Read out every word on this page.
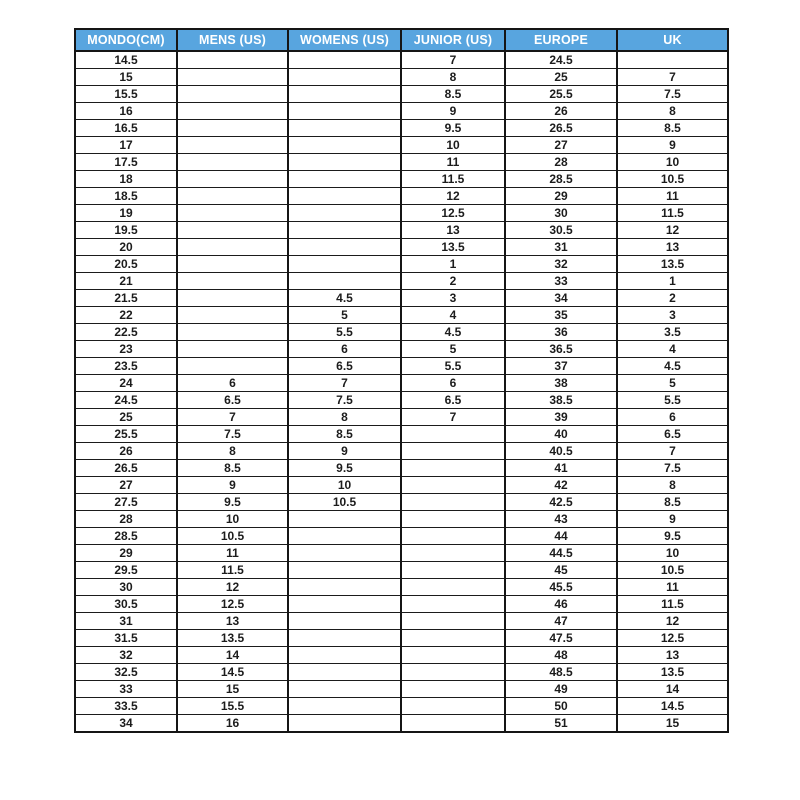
MONDO(CM)	MENS (US)	WOMENS (US)	JUNIOR (US)	EUROPE	UK
14.5			7	24.5	
15			8	25	7
15.5			8.5	25.5	7.5
16			9	26	8
16.5			9.5	26.5	8.5
17			10	27	9
17.5			11	28	10
18			11.5	28.5	10.5
18.5			12	29	11
19			12.5	30	11.5
19.5			13	30.5	12
20			13.5	31	13
20.5			1	32	13.5
21			2	33	1
21.5		4.5	3	34	2
22		5	4	35	3
22.5		5.5	4.5	36	3.5
23		6	5	36.5	4
23.5		6.5	5.5	37	4.5
24	6	7	6	38	5
24.5	6.5	7.5	6.5	38.5	5.5
25	7	8	7	39	6
25.5	7.5	8.5		40	6.5
26	8	9		40.5	7
26.5	8.5	9.5		41	7.5
27	9	10		42	8
27.5	9.5	10.5		42.5	8.5
28	10			43	9
28.5	10.5			44	9.5
29	11			44.5	10
29.5	11.5			45	10.5
30	12			45.5	11
30.5	12.5			46	11.5
31	13			47	12
31.5	13.5			47.5	12.5
32	14			48	13
32.5	14.5			48.5	13.5
33	15			49	14
33.5	15.5			50	14.5
34	16			51	15
